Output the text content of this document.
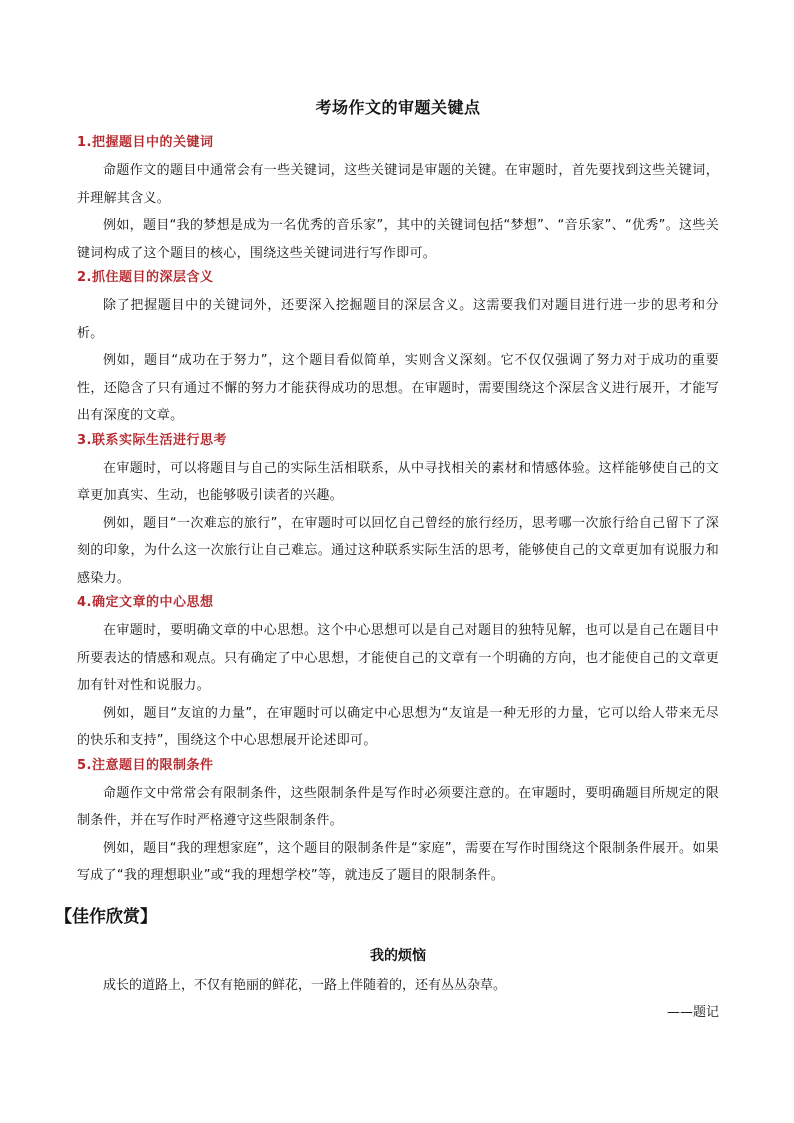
考场作文的审题关键点

1.把握题目中的关键词

命题作文的题目中通常会有一些关键词，这些关键词是审题的关键。在审题时，首先要找到这些关键词，并理解其含义。

例如，题目“我的梦想是成为一名优秀的音乐家”，其中的关键词包括“梦想”、“音乐家”、“优秀”。这些关键词构成了这个题目的核心，围绕这些关键词进行写作即可。

2.抓住题目的深层含义

除了把握题目中的关键词外，还要深入挖掘题目的深层含义。这需要我们对题目进行进一步的思考和分析。

例如，题目“成功在于努力”，这个题目看似简单，实则含义深刻。它不仅仅强调了努力对于成功的重要性，还隐含了只有通过不懈的努力才能获得成功的思想。在审题时，需要围绕这个深层含义进行展开，才能写出有深度的文章。

3.联系实际生活进行思考

在审题时，可以将题目与自己的实际生活相联系，从中寻找相关的素材和情感体验。这样能够使自己的文章更加真实、生动，也能够吸引读者的兴趣。

例如，题目“一次难忘的旅行”，在审题时可以回忆自己曾经的旅行经历，思考哪一次旅行给自己留下了深刻的印象，为什么这一次旅行让自己难忘。通过这种联系实际生活的思考，能够使自己的文章更加有说服力和感染力。

4.确定文章的中心思想

在审题时，要明确文章的中心思想。这个中心思想可以是自己对题目的独特见解，也可以是自己在题目中所要表达的情感和观点。只有确定了中心思想，才能使自己的文章有一个明确的方向，也才能使自己的文章更加有针对性和说服力。

例如，题目“友谊的力量”，在审题时可以确定中心思想为“友谊是一种无形的力量，它可以给人带来无尽的快乐和支持”，围绕这个中心思想展开论述即可。

5.注意题目的限制条件

命题作文中常常会有限制条件，这些限制条件是写作时必须要注意的。在审题时，要明确题目所规定的限制条件，并在写作时严格遵守这些限制条件。

例如，题目“我的理想家庭”，这个题目的限制条件是“家庭”，需要在写作时围绕这个限制条件展开。如果写成了“我的理想职业”或“我的理想学校”等，就违反了题目的限制条件。

【佳作欣赏】
我的烦恼

成长的道路上，不仅有艳丽的鲜花，一路上伴随着的，还有丛丛杂草。

——题记
